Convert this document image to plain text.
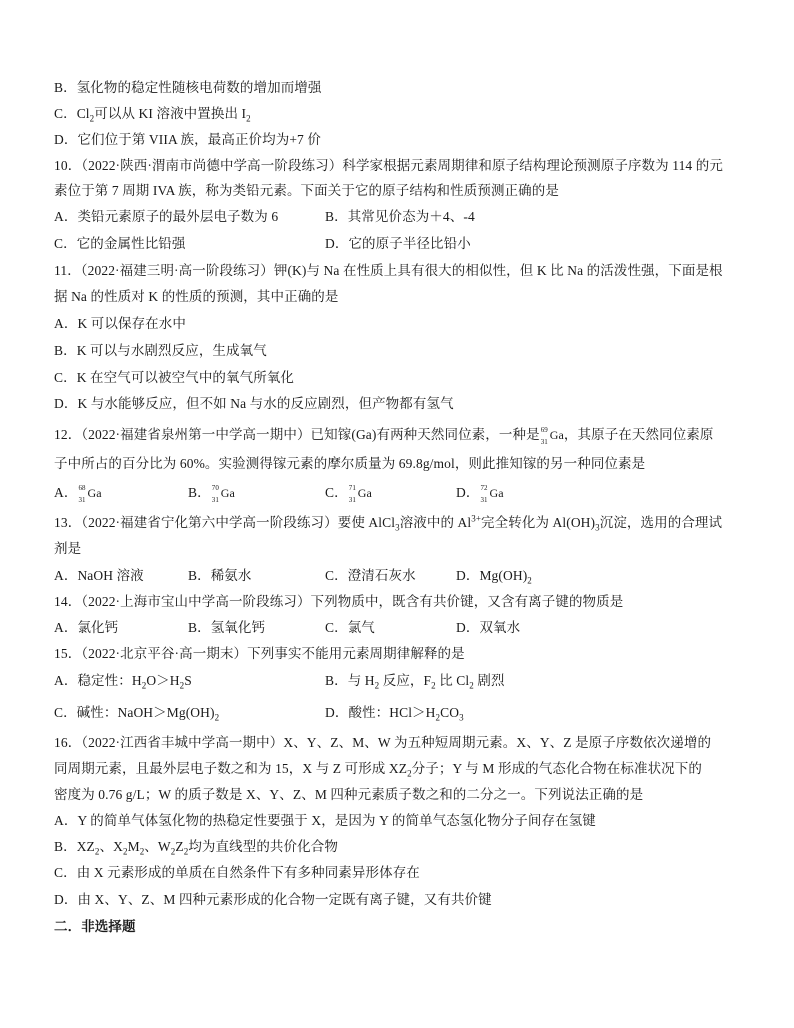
B．氢化物的稳定性随核电荷数的增加而增强
C．$Cl_2$可以从 KI 溶液中置换出 $I_2$
D．它们位于第 VIIA 族，最高正价均为+7 价
10．（2022·陕西·渭南市尚德中学高一阶段练习）科学家根据元素周期律和原子结构理论预测原子序数为 114 的元
素位于第 7 周期 IVA 族，称为类铅元素。下面关于它的原子结构和性质预测正确的是
A．类铅元素原子的最外层电子数为 6	B．其常见价态为＋4、-4
C．它的金属性比铅强	D．它的原子半径比铅小
11．（2022·福建三明·高一阶段练习）钾(K)与 Na 在性质上具有很大的相似性，但 K 比 Na 的活泼性强，下面是根
据 Na 的性质对 K 的性质的预测，其中正确的是
A．K 可以保存在水中
B．K 可以与水剧烈反应，生成氧气
C．K 在空气可以被空气中的氧气所氧化
D．K 与水能够反应，但不如 Na 与水的反应剧烈，但产物都有氢气
12．（2022·福建省泉州第一中学高一期中）已知镓(Ga)有两种天然同位素，一种是 69
31 Ga，其原子在天然同位素原
子中所占的百分比为 60%。实验测得镓元素的摩尔质量为 69.8g/mol，则此推知镓的另一种同位素是
A． 68
31 Ga	B． 70
31 Ga	C． 71
31 Ga	D． 72
31 Ga
13．（2022·福建省宁化第六中学高一阶段练习）要使 AlCl$_3$溶液中的 $Al^{3+}$完全转化为 $Al(OH)_3$沉淀，选用的合理试
剂是
A．NaOH 溶液	B．稀氨水	C．澄清石灰水	D．$Mg(OH)_2$
14．（2022·上海市宝山中学高一阶段练习）下列物质中，既含有共价键，又含有离子键的物质是
A．氯化钙	B．氢氧化钙	C．氯气	D．双氧水
15．（2022·北京平谷·高一期末）下列事实不能用元素周期律解释的是
A．稳定性：$H_2O>H_2S$	B．与 $H_2$ 反应，$F_2$ 比 $Cl_2$ 剧烈
C．碱性：$NaOH>Mg(OH)_2$	D．酸性：$HCl>H_2CO_3$
16．（2022·江西省丰城中学高一期中）X、Y、Z、M、W 为五种短周期元素。X、Y、Z 是原子序数依次递增的
同周期元素，且最外层电子数之和为 15，X 与 Z 可形成 $XZ_2$分子；Y 与 M 形成的气态化合物在标准状况下的
密度为 0.76 g/L；W 的质子数是 X、Y、Z、M 四种元素质子数之和的二分之一。下列说法正确的是
A．Y 的简单气体氢化物的热稳定性要强于 X，是因为 Y 的简单气态氢化物分子间存在氢键
B．$XZ_2$、$X_2M_2$、$W_2Z_2$均为直线型的共价化合物
C．由 X 元素形成的单质在自然条件下有多种同素异形体存在
D．由 X、Y、Z、M 四种元素形成的化合物一定既有离子键，又有共价键
二．非选择题
